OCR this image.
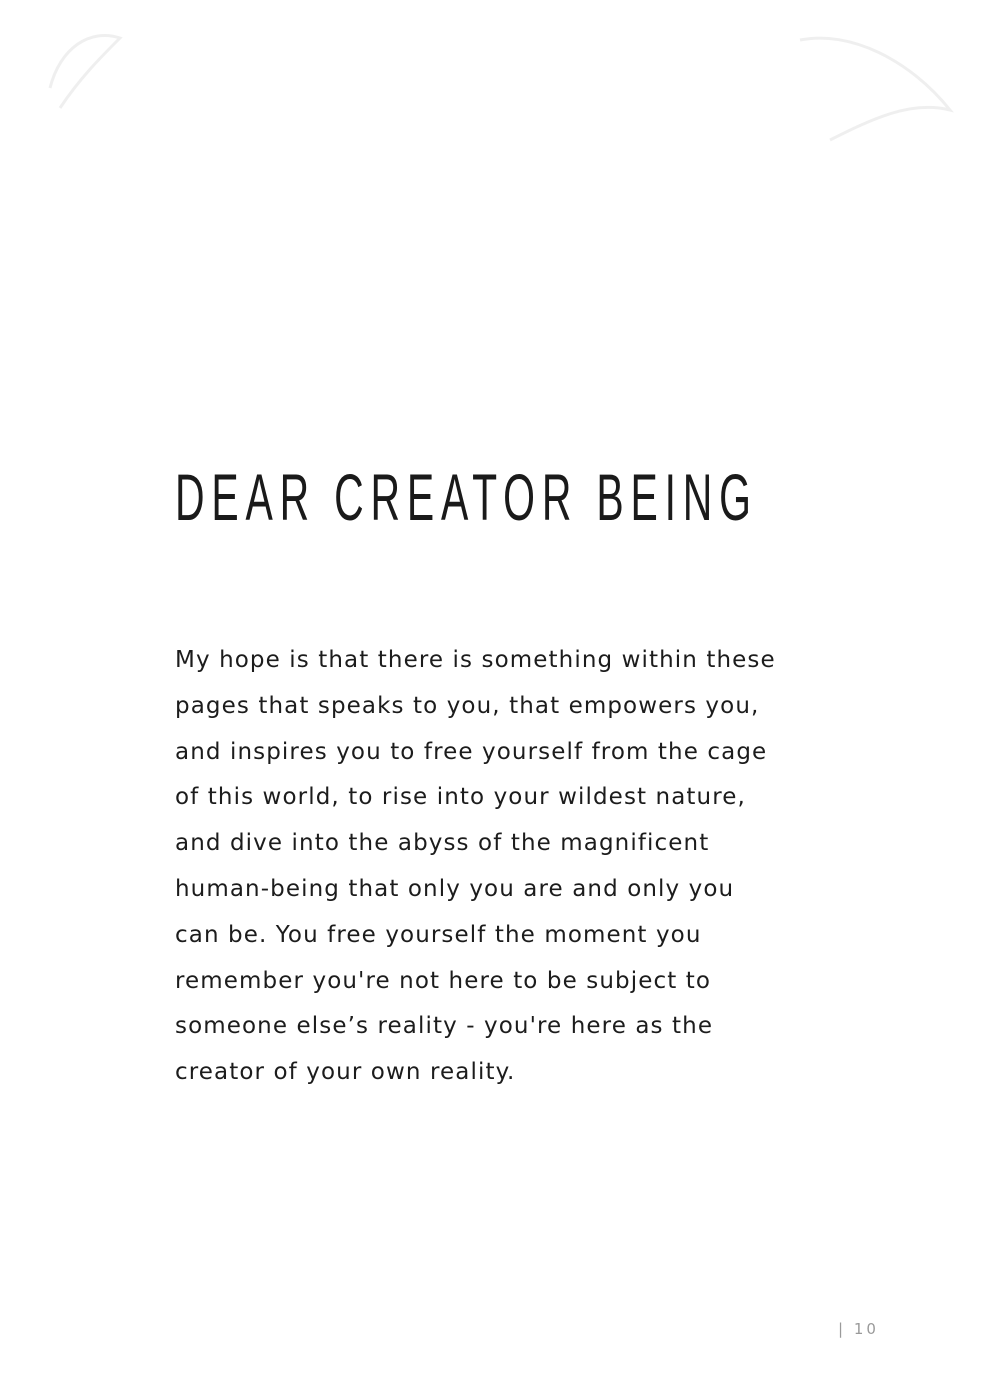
DEAR CREATOR BEING

My hope is that there is something within these
pages that speaks to you, that empowers you,
and inspires you to free yourself from the cage
of this world, to rise into your wildest nature,
and dive into the abyss of the magnificent
human-being that only you are and only you
can be. You free yourself the moment you
remember you're not here to be subject to
someone else’s reality - you're here as the
creator of your own reality.

| 10
